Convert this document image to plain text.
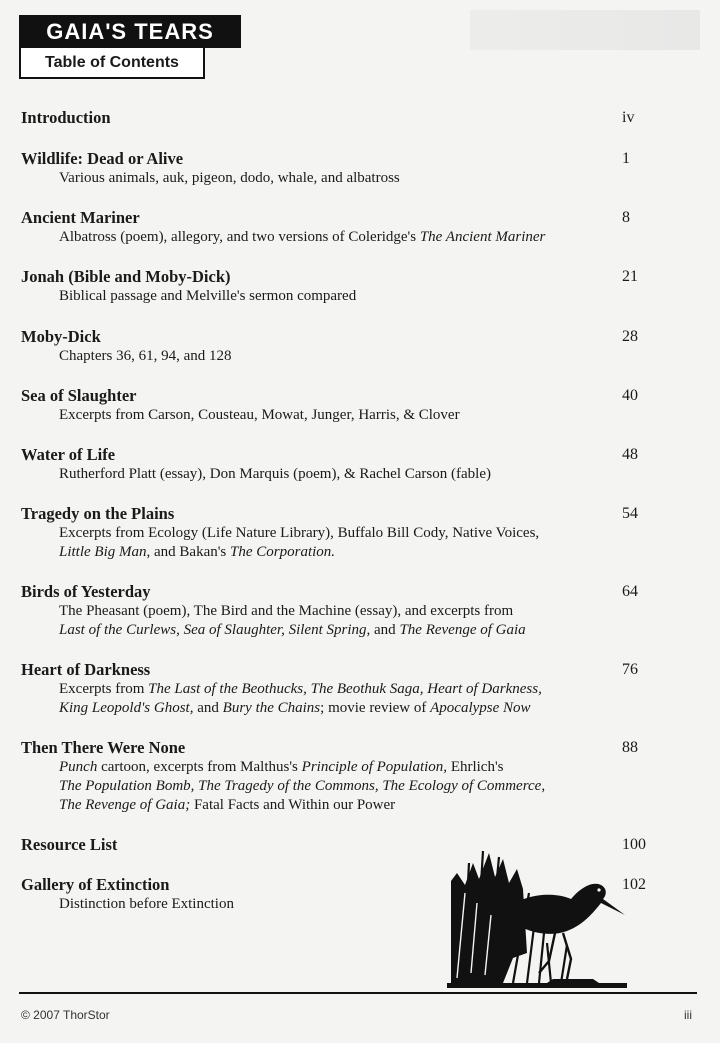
GAIA'S TEARS
Table of Contents
Introduction	iv
Wildlife: Dead or Alive	1
Various animals, auk, pigeon, dodo, whale, and albatross
Ancient Mariner	8
Albatross (poem), allegory, and two versions of Coleridge's The Ancient Mariner
Jonah (Bible and Moby-Dick)	21
Biblical passage and Melville's sermon compared
Moby-Dick	28
Chapters 36, 61, 94, and 128
Sea of Slaughter	40
Excerpts from Carson, Cousteau, Mowat, Junger, Harris, & Clover
Water of Life	48
Rutherford Platt (essay), Don Marquis (poem), & Rachel Carson (fable)
Tragedy on the Plains	54
Excerpts from Ecology (Life Nature Library), Buffalo Bill Cody, Native Voices,
Little Big Man, and Bakan's The Corporation.
Birds of Yesterday	64
The Pheasant (poem), The Bird and the Machine (essay), and excerpts from
Last of the Curlews, Sea of Slaughter, Silent Spring, and The Revenge of Gaia
Heart of Darkness	76
Excerpts from The Last of the Beothucks, The Beothuk Saga, Heart of Darkness,
King Leopold's Ghost, and Bury the Chains; movie review of Apocalypse Now
Then There Were None	88
Punch cartoon, excerpts from Malthus's Principle of Population, Ehrlich's
The Population Bomb, The Tragedy of the Commons, The Ecology of Commerce,
The Revenge of Gaia; Fatal Facts and Within our Power
Resource List	100
Gallery of Extinction	102
Distinction before Extinction
© 2007 ThorStor	iii
